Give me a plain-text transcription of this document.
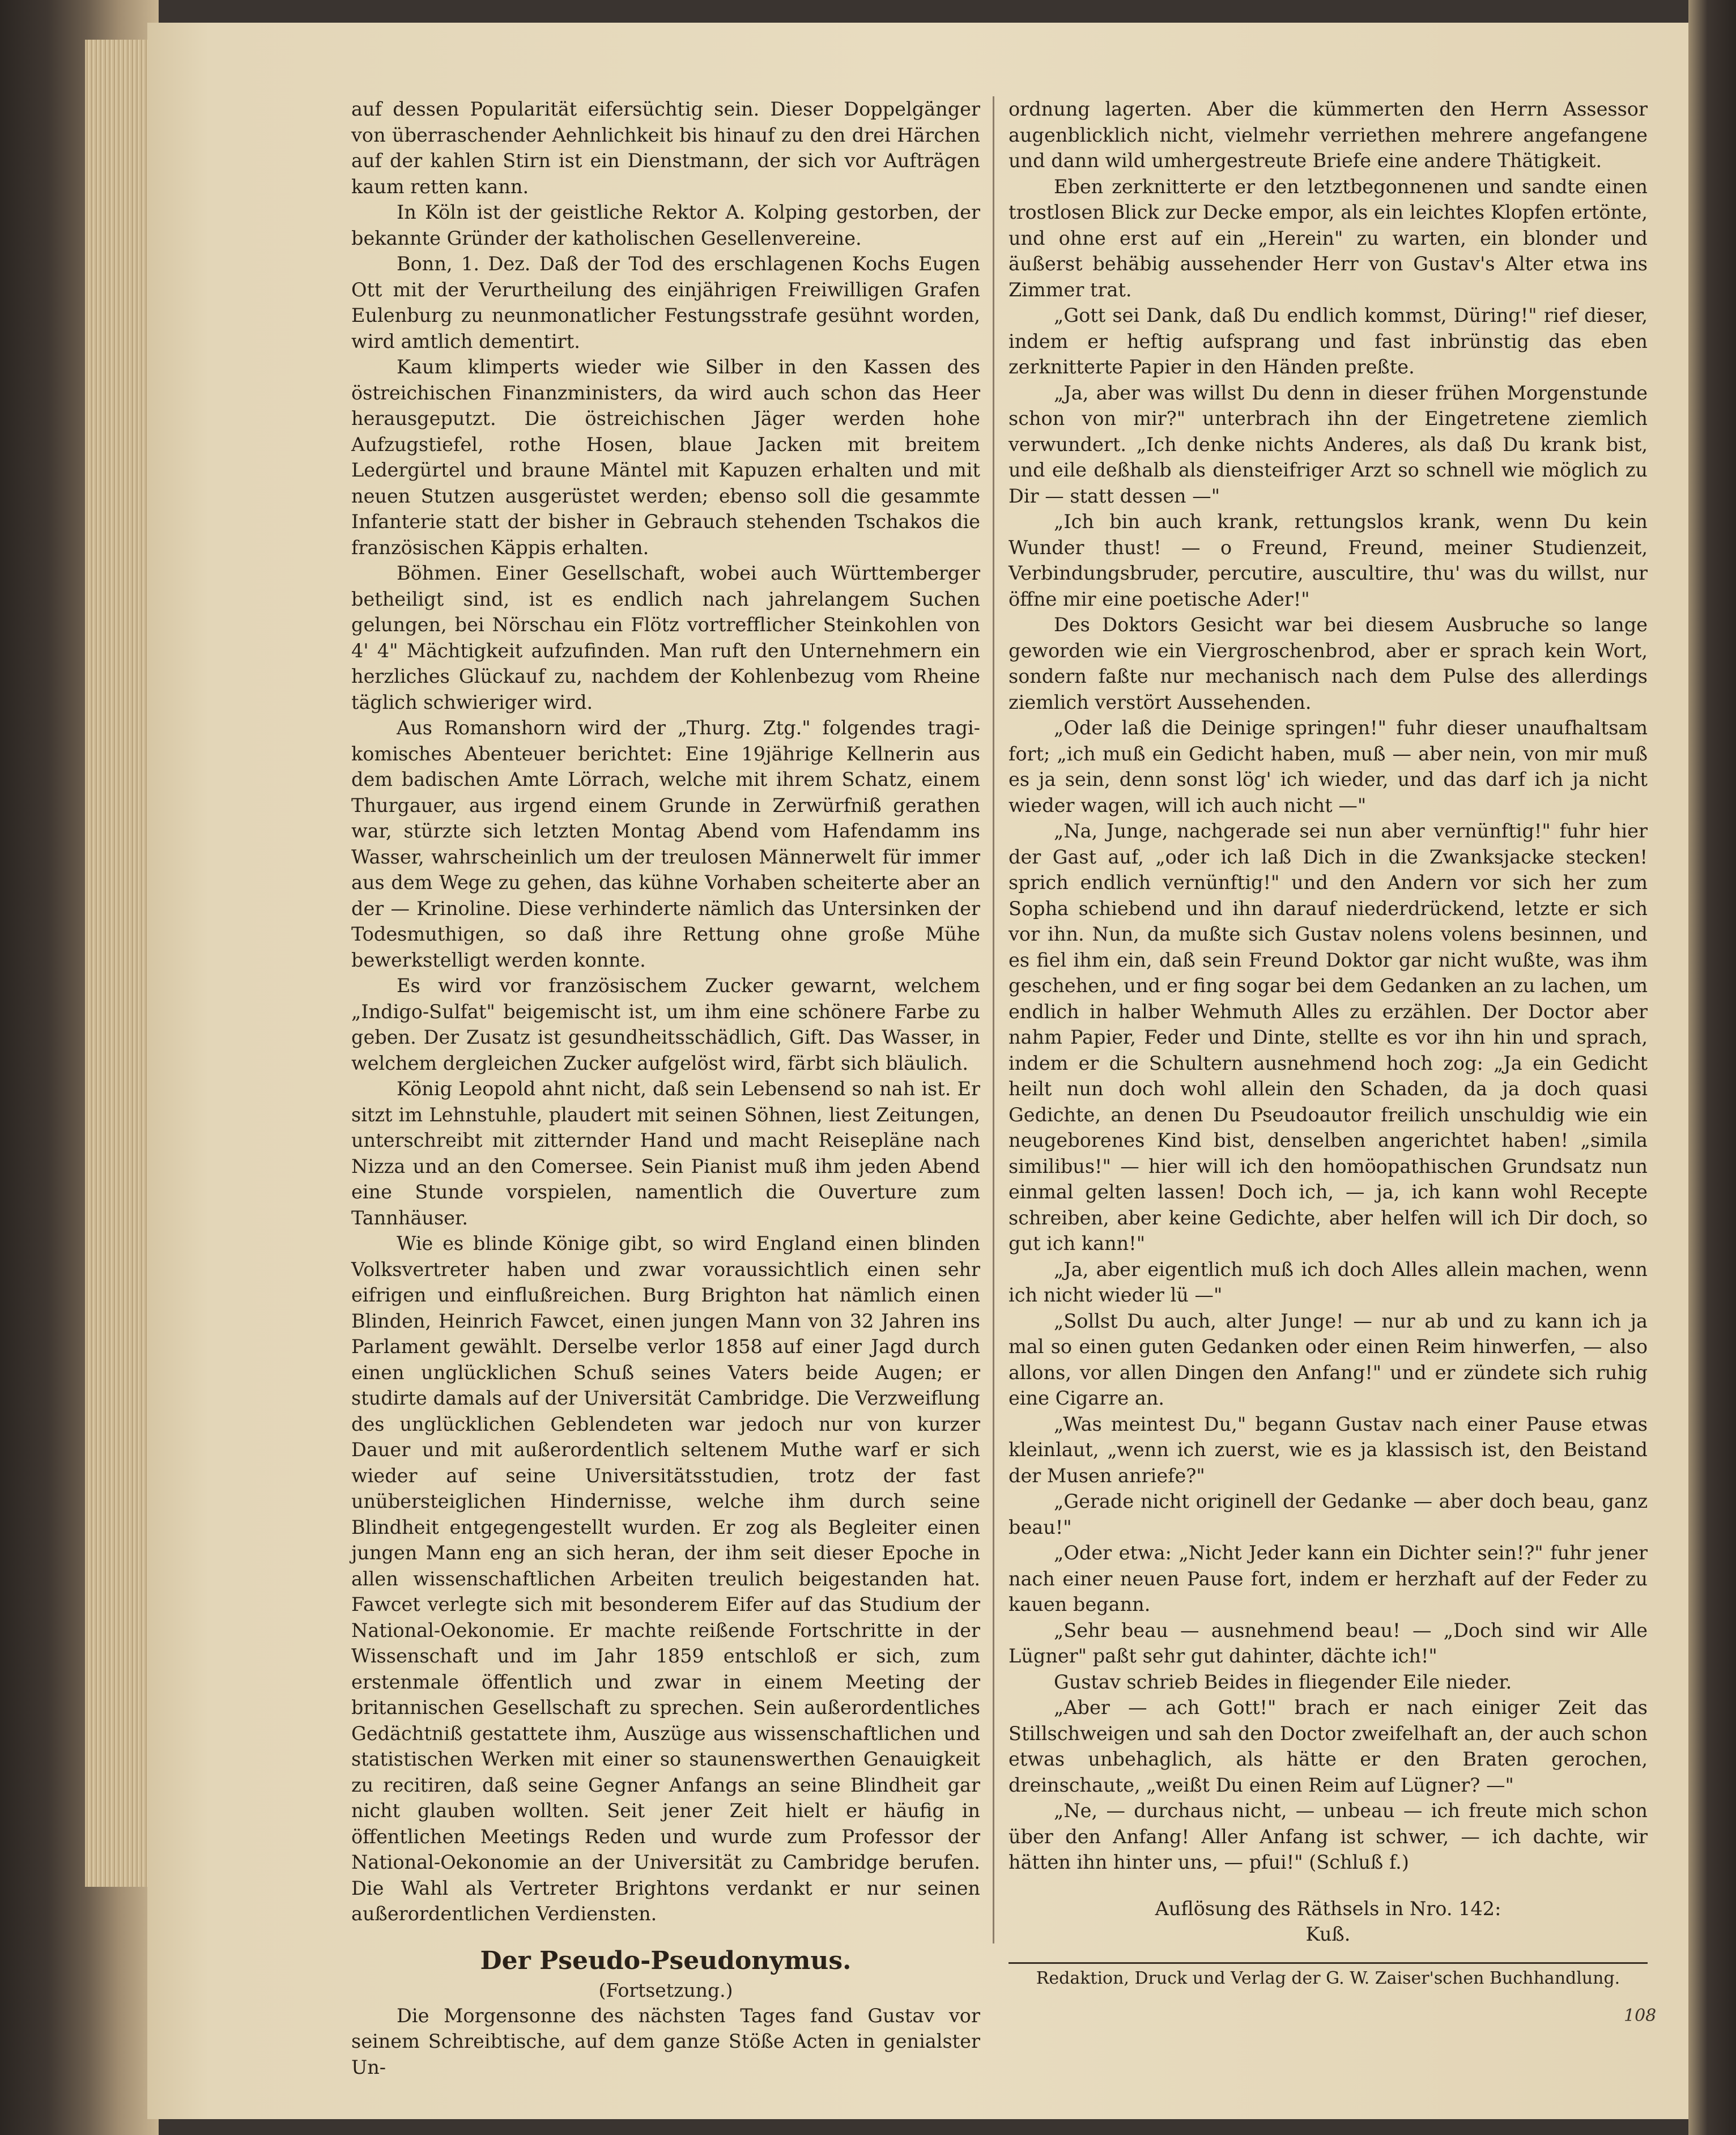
auf dessen Popularität eifersüchtig sein. Dieser Doppelgänger von überraschender Aehnlichkeit bis hinauf zu den drei Härchen auf der kahlen Stirn ist ein Dienstmann, der sich vor Aufträgen kaum retten kann.

In Köln ist der geistliche Rektor A. Kolping gestorben, der bekannte Gründer der katholischen Gesellenvereine.

Bonn, 1. Dez. Daß der Tod des erschlagenen Kochs Eugen Ott mit der Verurtheilung des einjährigen Freiwilligen Grafen Eulenburg zu neunmonatlicher Festungsstrafe gesühnt worden, wird amtlich dementirt.

Kaum klimperts wieder wie Silber in den Kassen des östreichischen Finanzministers, da wird auch schon das Heer herausgeputzt. Die östreichischen Jäger werden hohe Aufzugstiefel, rothe Hosen, blaue Jacken mit breitem Ledergürtel und braune Mäntel mit Kapuzen erhalten und mit neuen Stutzen ausgerüstet werden; ebenso soll die gesammte Infanterie statt der bisher in Gebrauch stehenden Tschakos die französischen Käppis erhalten.

Böhmen. Einer Gesellschaft, wobei auch Württemberger betheiligt sind, ist es endlich nach jahrelangem Suchen gelungen, bei Nörschau ein Flötz vortrefflicher Steinkohlen von 4' 4" Mächtigkeit aufzufinden. Man ruft den Unternehmern ein herzliches Glückauf zu, nachdem der Kohlenbezug vom Rheine täglich schwieriger wird.

Aus Romanshorn wird der „Thurg. Ztg." folgendes tragi-komisches Abenteuer berichtet: Eine 19jährige Kellnerin aus dem badischen Amte Lörrach, welche mit ihrem Schatz, einem Thurgauer, aus irgend einem Grunde in Zerwürfniß gerathen war, stürzte sich letzten Montag Abend vom Hafendamm ins Wasser, wahrscheinlich um der treulosen Männerwelt für immer aus dem Wege zu gehen, das kühne Vorhaben scheiterte aber an der — Krinoline. Diese verhinderte nämlich das Untersinken der Todesmuthigen, so daß ihre Rettung ohne große Mühe bewerkstelligt werden konnte.

Es wird vor französischem Zucker gewarnt, welchem „Indigo-Sulfat" beigemischt ist, um ihm eine schönere Farbe zu geben. Der Zusatz ist gesundheitsschädlich, Gift. Das Wasser, in welchem dergleichen Zucker aufgelöst wird, färbt sich bläulich.

König Leopold ahnt nicht, daß sein Lebensend so nah ist. Er sitzt im Lehnstuhle, plaudert mit seinen Söhnen, liest Zeitungen, unterschreibt mit zitternder Hand und macht Reisepläne nach Nizza und an den Comersee. Sein Pianist muß ihm jeden Abend eine Stunde vorspielen, namentlich die Ouverture zum Tannhäuser.

Wie es blinde Könige gibt, so wird England einen blinden Volksvertreter haben und zwar voraussichtlich einen sehr eifrigen und einflußreichen. Burg Brighton hat nämlich einen Blinden, Heinrich Fawcet, einen jungen Mann von 32 Jahren ins Parlament gewählt. Derselbe verlor 1858 auf einer Jagd durch einen unglücklichen Schuß seines Vaters beide Augen; er studirte damals auf der Universität Cambridge. Die Verzweiflung des unglücklichen Geblendeten war jedoch nur von kurzer Dauer und mit außerordentlich seltenem Muthe warf er sich wieder auf seine Universitätsstudien, trotz der fast unübersteiglichen Hindernisse, welche ihm durch seine Blindheit entgegengestellt wurden. Er zog als Begleiter einen jungen Mann eng an sich heran, der ihm seit dieser Epoche in allen wissenschaftlichen Arbeiten treulich beigestanden hat. Fawcet verlegte sich mit besonderem Eifer auf das Studium der National-Oekonomie. Er machte reißende Fortschritte in der Wissenschaft und im Jahr 1859 entschloß er sich, zum erstenmale öffentlich und zwar in einem Meeting der britannischen Gesellschaft zu sprechen. Sein außerordentliches Gedächtniß gestattete ihm, Auszüge aus wissenschaftlichen und statistischen Werken mit einer so staunenswerthen Genauigkeit zu recitiren, daß seine Gegner Anfangs an seine Blindheit gar nicht glauben wollten. Seit jener Zeit hielt er häufig in öffentlichen Meetings Reden und wurde zum Professor der National-Oekonomie an der Universität zu Cambridge berufen. Die Wahl als Vertreter Brightons verdankt er nur seinen außerordentlichen Verdiensten.

Der Pseudo-Pseudonymus.
(Fortsetzung.)

Die Morgensonne des nächsten Tages fand Gustav vor seinem Schreibtische, auf dem ganze Stöße Acten in genialster Un-

ordnung lagerten. Aber die kümmerten den Herrn Assessor augenblicklich nicht, vielmehr verriethen mehrere angefangene und dann wild umhergestreute Briefe eine andere Thätigkeit.

Eben zerknitterte er den letztbegonnenen und sandte einen trostlosen Blick zur Decke empor, als ein leichtes Klopfen ertönte, und ohne erst auf ein „Herein" zu warten, ein blonder und äußerst behäbig aussehender Herr von Gustav's Alter etwa ins Zimmer trat.

„Gott sei Dank, daß Du endlich kommst, Düring!" rief dieser, indem er heftig aufsprang und fast inbrünstig das eben zerknitterte Papier in den Händen preßte.

„Ja, aber was willst Du denn in dieser frühen Morgenstunde schon von mir?" unterbrach ihn der Eingetretene ziemlich verwundert. „Ich denke nichts Anderes, als daß Du krank bist, und eile deßhalb als diensteifriger Arzt so schnell wie möglich zu Dir — statt dessen —"

„Ich bin auch krank, rettungslos krank, wenn Du kein Wunder thust! — o Freund, Freund, meiner Studienzeit, Verbindungsbruder, percutire, auscultire, thu' was du willst, nur öffne mir eine poetische Ader!"

Des Doktors Gesicht war bei diesem Ausbruche so lange geworden wie ein Viergroschenbrod, aber er sprach kein Wort, sondern faßte nur mechanisch nach dem Pulse des allerdings ziemlich verstört Aussehenden.

„Oder laß die Deinige springen!" fuhr dieser unaufhaltsam fort; „ich muß ein Gedicht haben, muß — aber nein, von mir muß es ja sein, denn sonst lög' ich wieder, und das darf ich ja nicht wieder wagen, will ich auch nicht —"

„Na, Junge, nachgerade sei nun aber vernünftig!" fuhr hier der Gast auf, „oder ich laß Dich in die Zwanksjacke stecken! sprich endlich vernünftig!" und den Andern vor sich her zum Sopha schiebend und ihn darauf niederdrückend, letzte er sich vor ihn. Nun, da mußte sich Gustav nolens volens besinnen, und es fiel ihm ein, daß sein Freund Doktor gar nicht wußte, was ihm geschehen, und er fing sogar bei dem Gedanken an zu lachen, um endlich in halber Wehmuth Alles zu erzählen. Der Doctor aber nahm Papier, Feder und Dinte, stellte es vor ihn hin und sprach, indem er die Schultern ausnehmend hoch zog: „Ja ein Gedicht heilt nun doch wohl allein den Schaden, da ja doch quasi Gedichte, an denen Du Pseudoautor freilich unschuldig wie ein neugeborenes Kind bist, denselben angerichtet haben! „simila similibus!" — hier will ich den homöopathischen Grundsatz nun einmal gelten lassen! Doch ich, — ja, ich kann wohl Recepte schreiben, aber keine Gedichte, aber helfen will ich Dir doch, so gut ich kann!"

„Ja, aber eigentlich muß ich doch Alles allein machen, wenn ich nicht wieder lü —"

„Sollst Du auch, alter Junge! — nur ab und zu kann ich ja mal so einen guten Gedanken oder einen Reim hinwerfen, — also allons, vor allen Dingen den Anfang!" und er zündete sich ruhig eine Cigarre an.

„Was meintest Du," begann Gustav nach einer Pause etwas kleinlaut, „wenn ich zuerst, wie es ja klassisch ist, den Beistand der Musen anriefe?"

„Gerade nicht originell der Gedanke — aber doch beau, ganz beau!"

„Oder etwa: „Nicht Jeder kann ein Dichter sein!?" fuhr jener nach einer neuen Pause fort, indem er herzhaft auf der Feder zu kauen begann.

„Sehr beau — ausnehmend beau! — „Doch sind wir Alle Lügner" paßt sehr gut dahinter, dächte ich!"

Gustav schrieb Beides in fliegender Eile nieder.

„Aber — ach Gott!" brach er nach einiger Zeit das Stillschweigen und sah den Doctor zweifelhaft an, der auch schon etwas unbehaglich, als hätte er den Braten gerochen, dreinschaute, „weißt Du einen Reim auf Lügner? —"

„Ne, — durchaus nicht, — unbeau — ich freute mich schon über den Anfang! Aller Anfang ist schwer, — ich dachte, wir hätten ihn hinter uns, — pfui!" (Schluß f.)

Auflösung des Räthsels in Nro. 142:
Kuß.
Redaktion, Druck und Verlag der G. W. Zaiser'schen Buchhandlung.
108
